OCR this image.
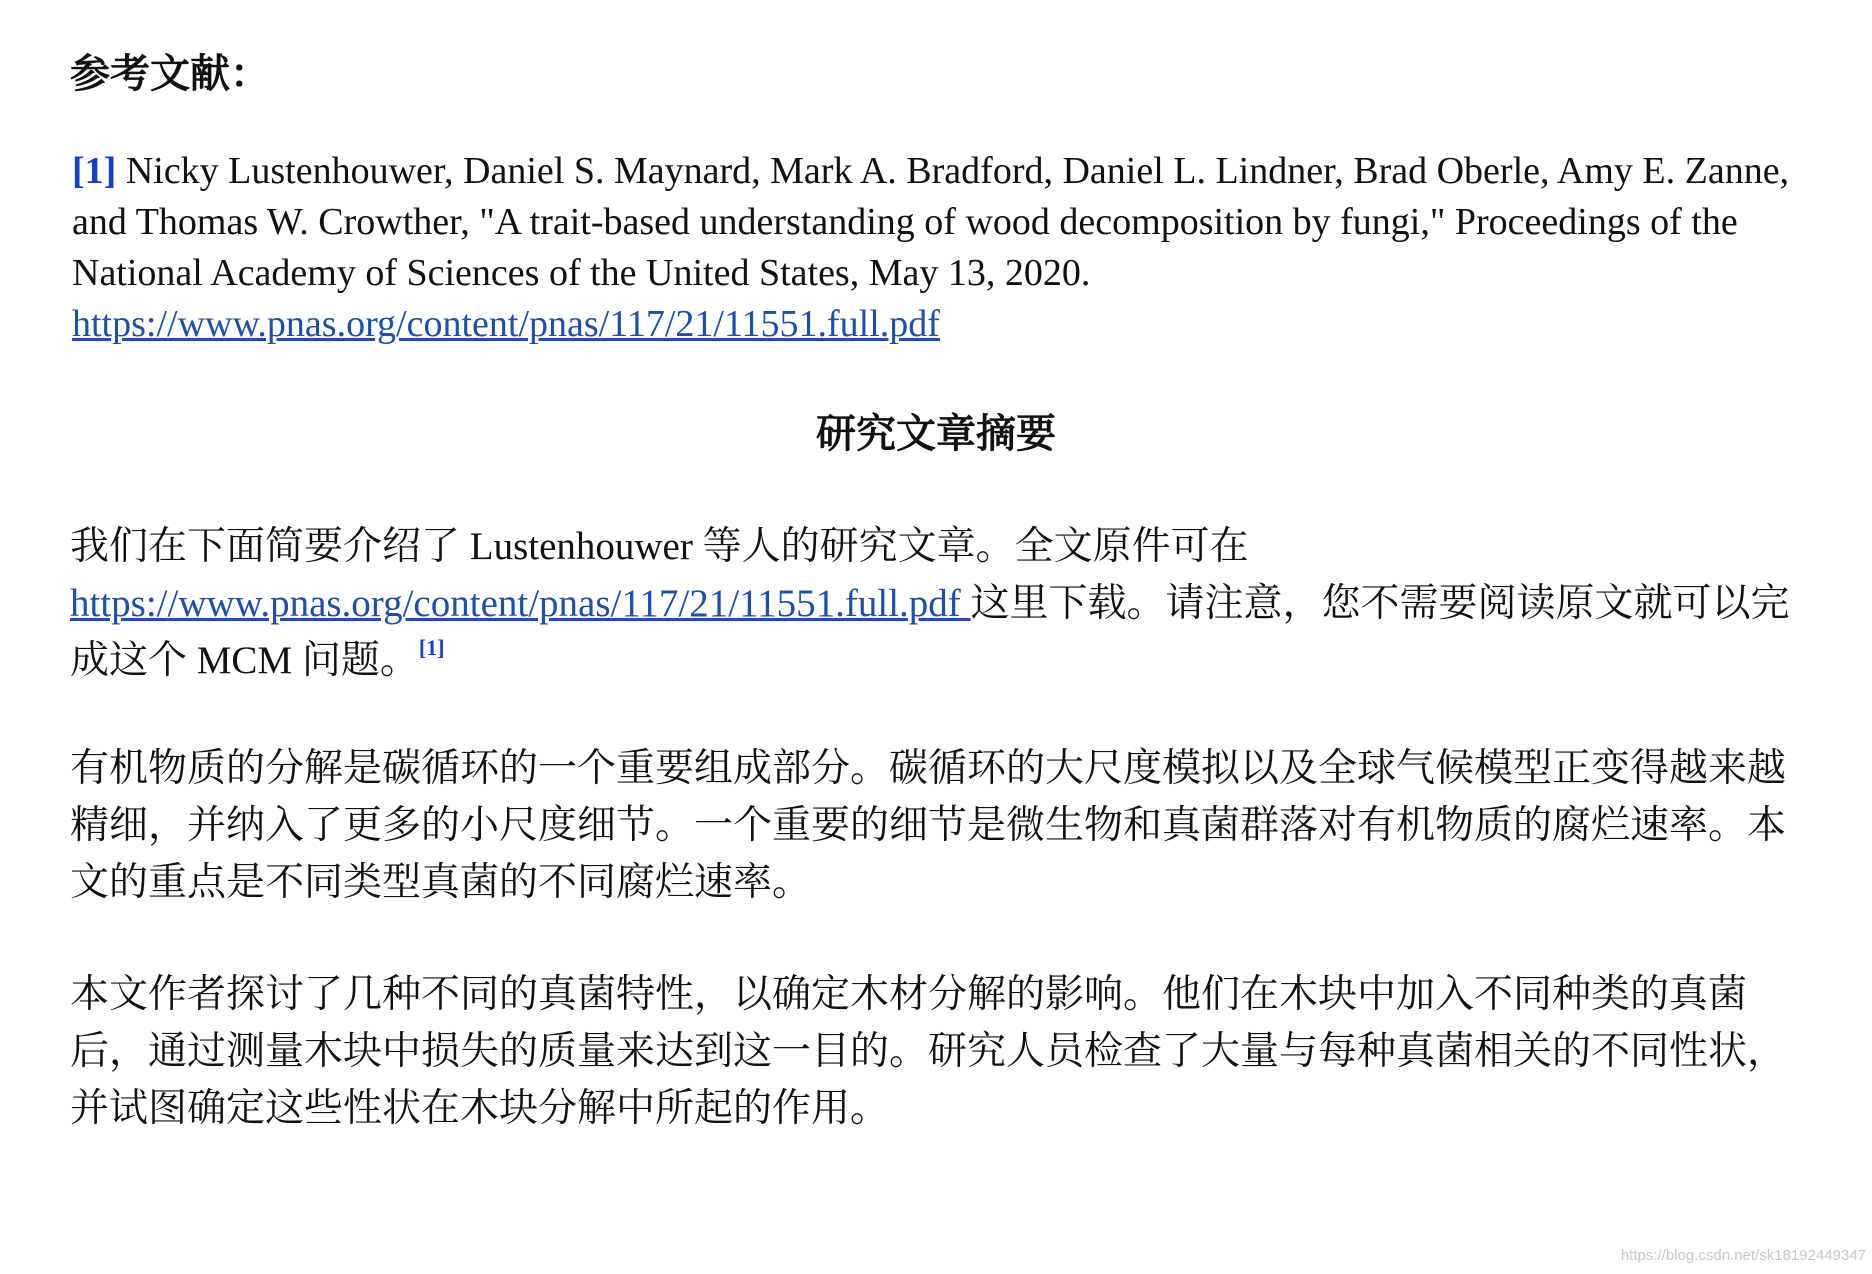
参考文献：

[1] Nicky Lustenhouwer, Daniel S. Maynard, Mark A. Bradford, Daniel L. Lindner, Brad Oberle, Amy E. Zanne, and Thomas W. Crowther, "A trait-based understanding of wood decomposition by fungi," Proceedings of the National Academy of Sciences of the United States, May 13, 2020.
https://www.pnas.org/content/pnas/117/21/11551.full.pdf

研究文章摘要

我们在下面简要介绍了 Lustenhouwer 等人的研究文章。全文原件可在
https://www.pnas.org/content/pnas/117/21/11551.full.pdf 这里下载。请注意，您不需要阅读原文就可以完成这个 MCM 问题。[1]

有机物质的分解是碳循环的一个重要组成部分。碳循环的大尺度模拟以及全球气候模型正变得越来越精细，并纳入了更多的小尺度细节。一个重要的细节是微生物和真菌群落对有机物质的腐烂速率。本文的重点是不同类型真菌的不同腐烂速率。

本文作者探讨了几种不同的真菌特性，以确定木材分解的影响。他们在木块中加入不同种类的真菌后，通过测量木块中损失的质量来达到这一目的。研究人员检查了大量与每种真菌相关的不同性状，并试图确定这些性状在木块分解中所起的作用。

https://blog.csdn.net/sk18192449347
